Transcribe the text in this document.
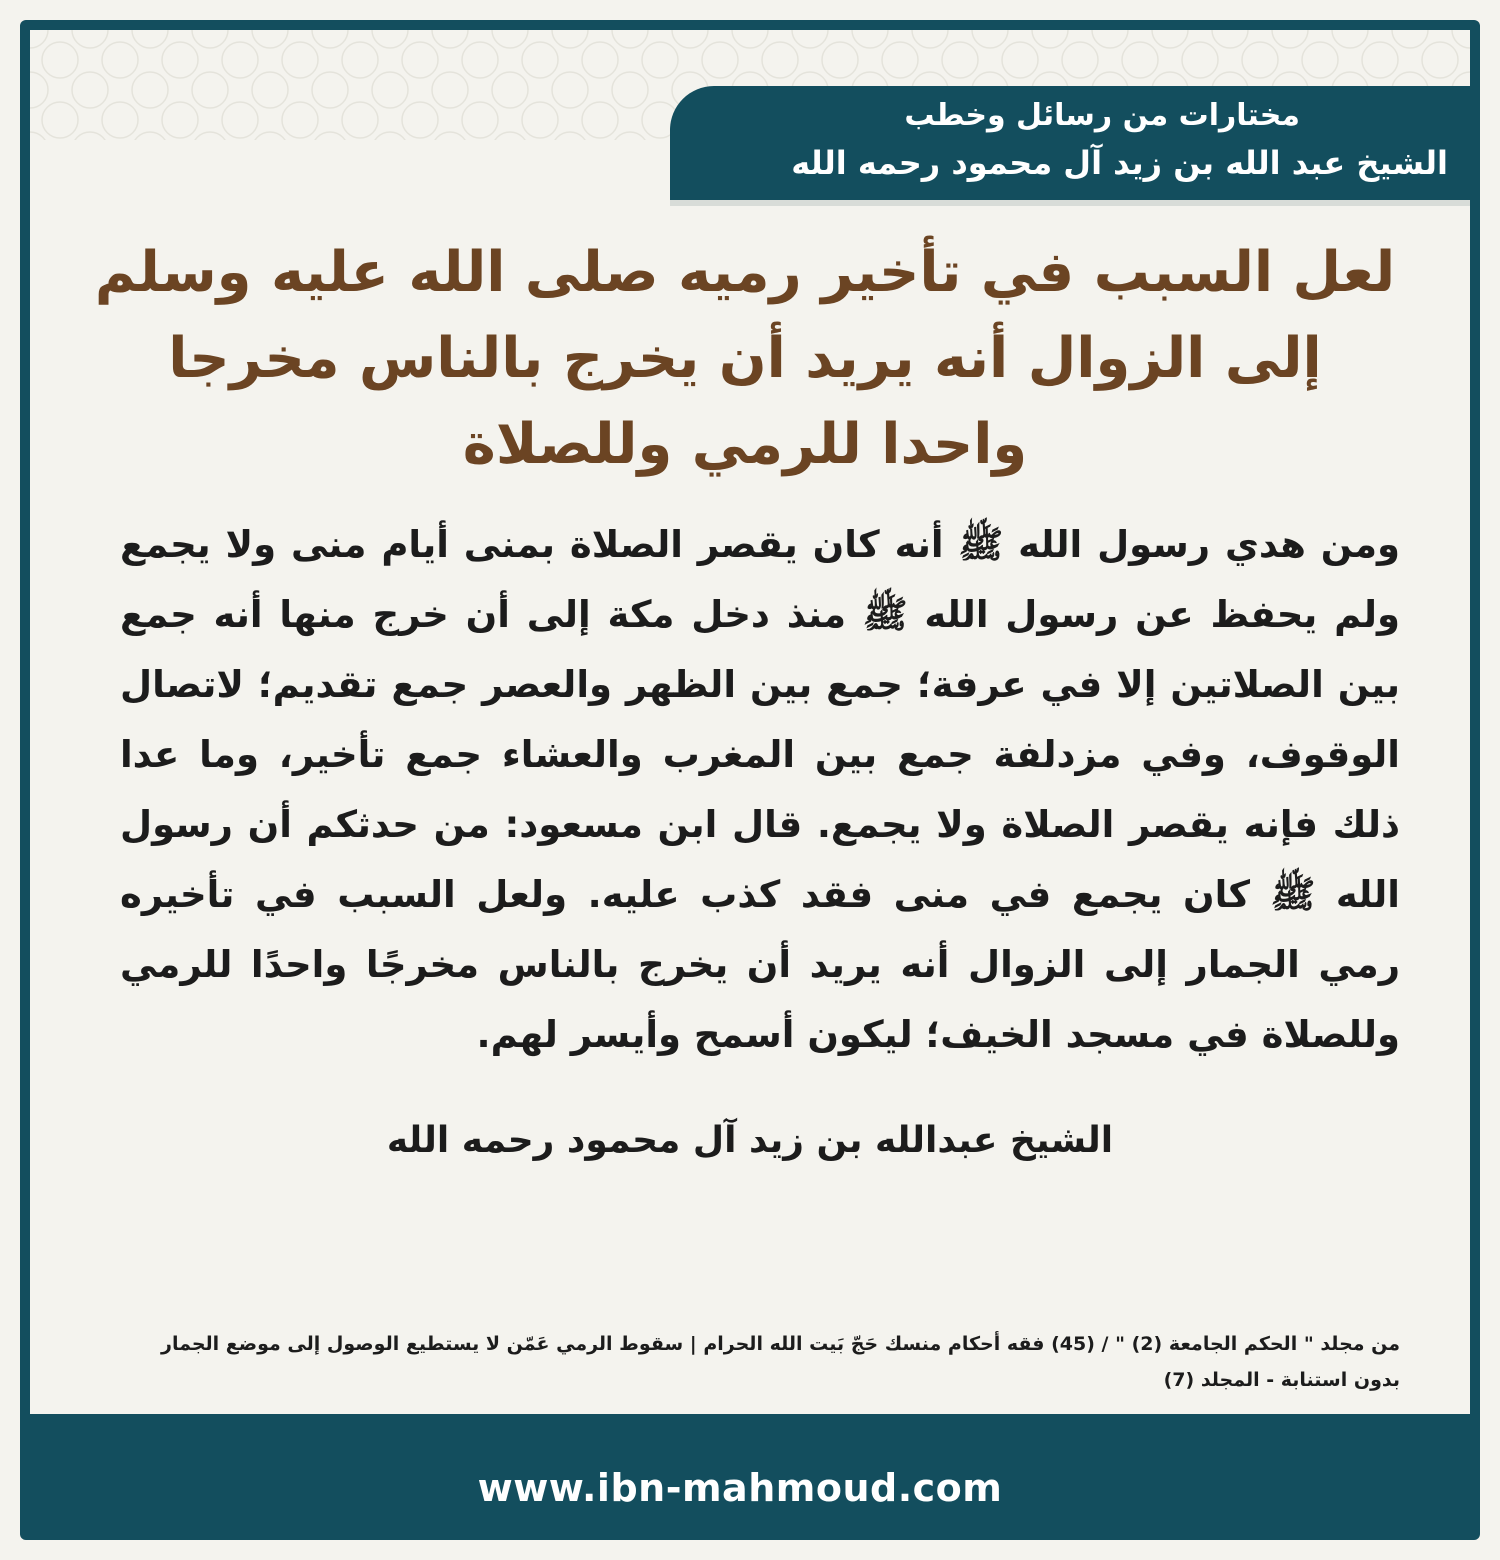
مختارات من رسائل وخطب
الشيخ عبد الله بن زيد آل محمود رحمه الله
لعل السبب في تأخير رميه صلى الله عليه وسلم إلى الزوال أنه يريد أن يخرج بالناس مخرجا واحدا للرمي وللصلاة
ومن هدي رسول الله ﷺ أنه كان يقصر الصلاة بمنى أيام منى ولا يجمع ولم يحفظ عن رسول الله ﷺ منذ دخل مكة إلى أن خرج منها أنه جمع بين الصلاتين إلا في عرفة؛ جمع بين الظهر والعصر جمع تقديم؛ لاتصال الوقوف، وفي مزدلفة جمع بين المغرب والعشاء جمع تأخير، وما عدا ذلك فإنه يقصر الصلاة ولا يجمع. قال ابن مسعود: من حدثكم أن رسول الله ﷺ كان يجمع في منى فقد كذب عليه. ولعل السبب في تأخيره رمي الجمار إلى الزوال أنه يريد أن يخرج بالناس مخرجًا واحدًا للرمي وللصلاة في مسجد الخيف؛ ليكون أسمح وأيسر لهم.
من مجلد " الحكم الجامعة (2) " / (45) فقه أحكام منسك حَجّ بَيت الله الحرام | سقوط الرمي عَمّن لا يستطيع الوصول إلى موضع الجمار بدون استنابة - المجلد (7)
www.ibn-mahmoud.com
الشيخ عبدالله بن زيد آل محمود رحمه الله
